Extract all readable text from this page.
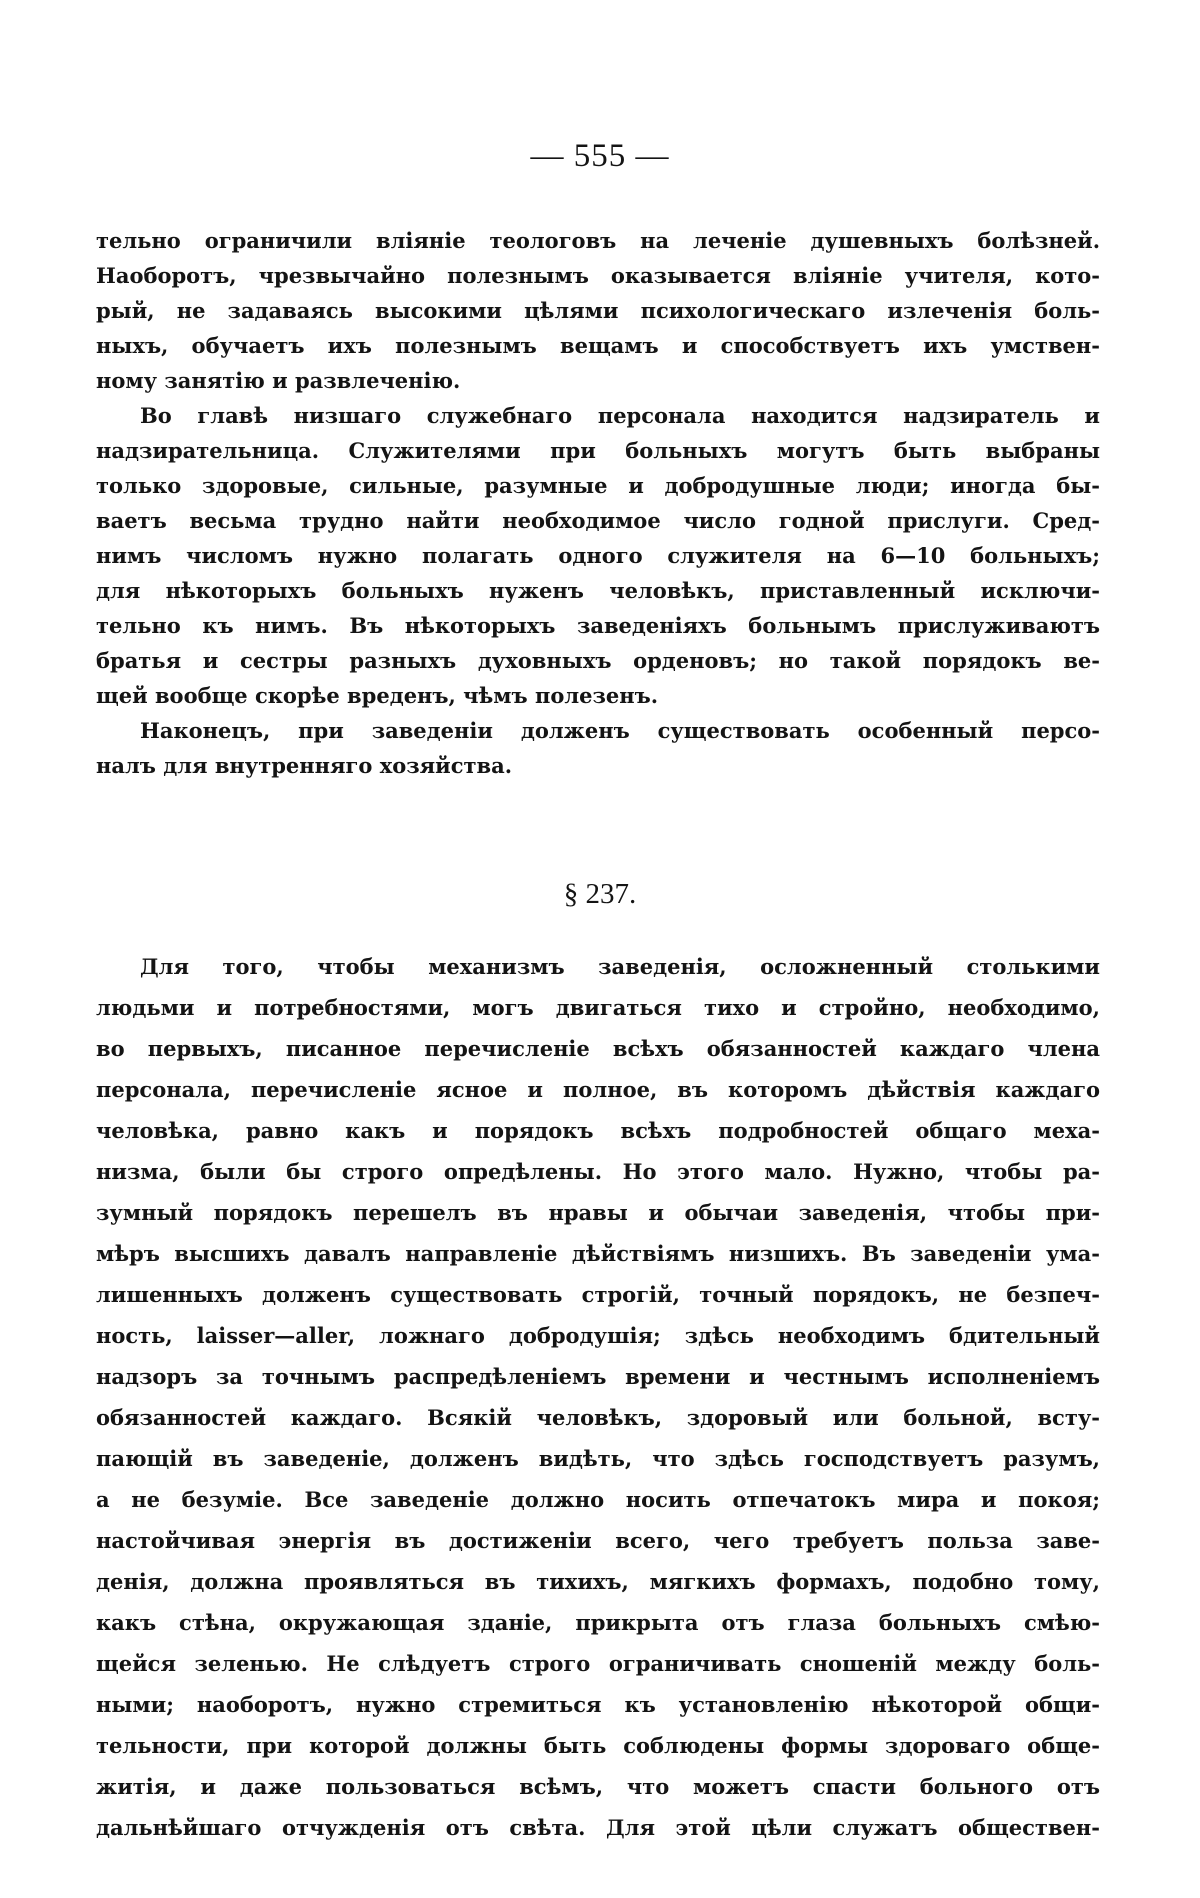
— 555 —

тельно ограничили вліяніе теологовъ на леченіе душевныхъ болѣзней.
Наоборотъ, чрезвычайно полезнымъ оказывается вліяніе учителя, кото-
рый, не задаваясь высокими цѣлями психологическаго излеченія боль-
ныхъ, обучаетъ ихъ полезнымъ вещамъ и способствуетъ ихъ умствен-
ному занятію и развлеченію.
Во главѣ низшаго служебнаго персонала находится надзиратель и
надзирательница. Служителями при больныхъ могутъ быть выбраны
только здоровые, сильные, разумные и добродушные люди; иногда бы-
ваетъ весьма трудно найти необходимое число годной прислуги. Сред-
нимъ числомъ нужно полагать одного служителя на 6—10 больныхъ;
для нѣкоторыхъ больныхъ нуженъ человѣкъ, приставленный исключи-
тельно къ нимъ. Въ нѣкоторыхъ заведеніяхъ больнымъ прислуживаютъ
братья и сестры разныхъ духовныхъ орденовъ; но такой порядокъ ве-
щей вообще скорѣе вреденъ, чѣмъ полезенъ.
Наконецъ, при заведеніи долженъ существовать особенный персо-
налъ для внутренняго хозяйства.

§ 237.

Для того, чтобы механизмъ заведенія, осложненный столькими
людьми и потребностями, могъ двигаться тихо и стройно, необходимо,
во первыхъ, писанное перечисленіе всѣхъ обязанностей каждаго члена
персонала, перечисленіе ясное и полное, въ которомъ дѣйствія каждаго
человѣка, равно какъ и порядокъ всѣхъ подробностей общаго меха-
низма, были бы строго опредѣлены. Но этого мало. Нужно, чтобы ра-
зумный порядокъ перешелъ въ нравы и обычаи заведенія, чтобы при-
мѣръ высшихъ давалъ направленіе дѣйствіямъ низшихъ. Въ заведеніи ума-
лишенныхъ долженъ существовать строгій, точный порядокъ, не безпеч-
ность, laisser—aller, ложнаго добродушія; здѣсь необходимъ бдительный
надзоръ за точнымъ распредѣленіемъ времени и честнымъ исполненіемъ
обязанностей каждаго. Всякій человѣкъ, здоровый или больной, всту-
пающій въ заведеніе, долженъ видѣть, что здѣсь господствуетъ разумъ,
а не безуміе. Все заведеніе должно носить отпечатокъ мира и покоя;
настойчивая энергія въ достиженіи всего, чего требуетъ польза заве-
денія, должна проявляться въ тихихъ, мягкихъ формахъ, подобно тому,
какъ стѣна, окружающая зданіе, прикрыта отъ глаза больныхъ смѣю-
щейся зеленью. Не слѣдуетъ строго ограничивать сношеній между боль-
ными; наоборотъ, нужно стремиться къ установленію нѣкоторой общи-
тельности, при которой должны быть соблюдены формы здороваго обще-
житія, и даже пользоваться всѣмъ, что можетъ спасти больного отъ
дальнѣйшаго отчужденія отъ свѣта. Для этой цѣли служатъ обществен-
